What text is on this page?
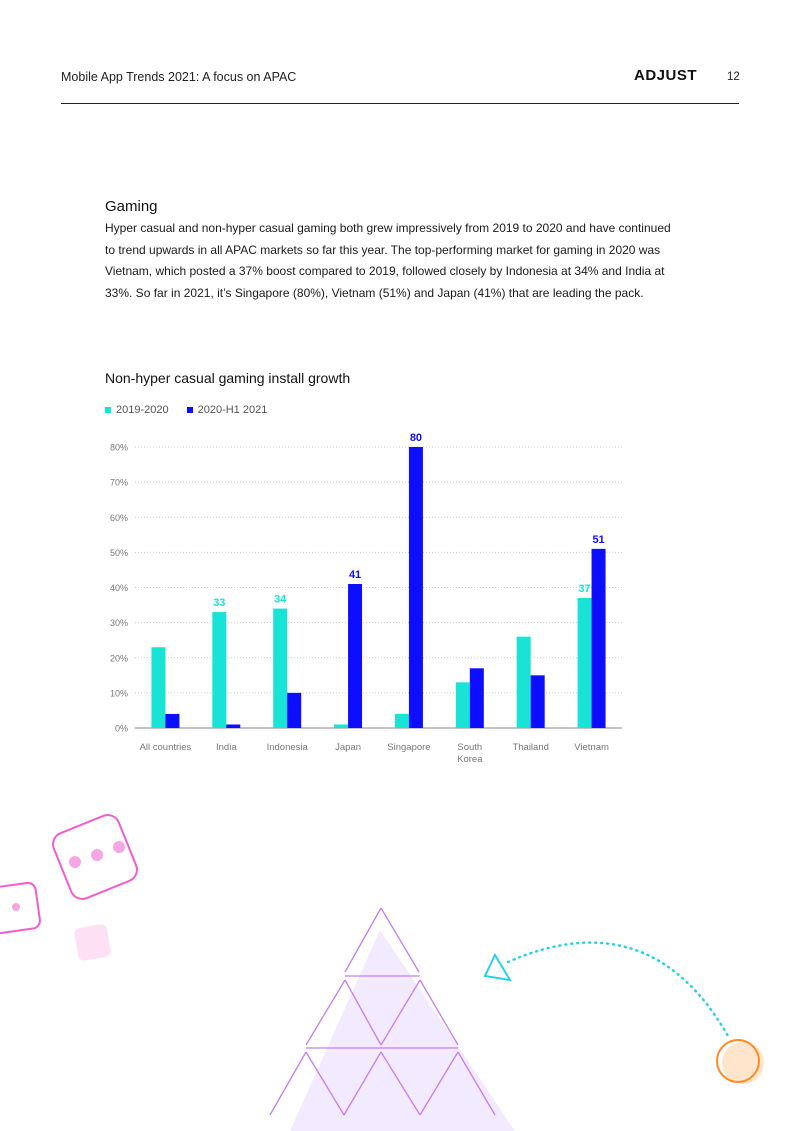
Mobile App Trends 2021: A focus on APAC	ADJUST	12
Gaming

Hyper casual and non-hyper casual gaming both grew impressively from 2019 to 2020 and have continued to trend upwards in all APAC markets so far this year. The top-performing market for gaming in 2020 was Vietnam, which posted a 37% boost compared to 2019, followed closely by Indonesia at 34% and India at 33%. So far in 2021, it’s Singapore (80%), Vietnam (51%) and Japan (41%) that are leading the pack.

Non-hyper casual gaming install growth
2019-2020	2020-H1 2021
0%
10%
20%
30%
40%
50%
60%
70%
80%
All countries	India	Indonesia	Japan	Singapore	South
Korea
Thailand	Vietnam
33	34
41
80
37
51
